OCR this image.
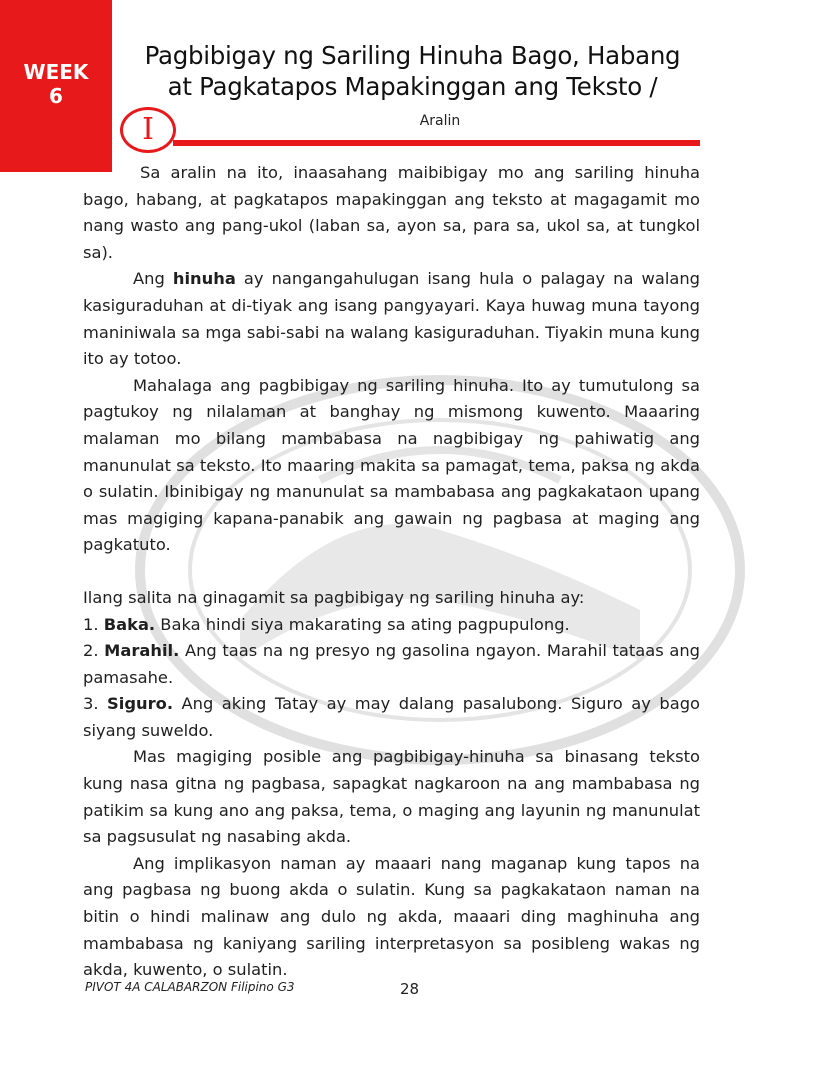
WEEK
6
Pagbibigay ng Sariling Hinuha Bago, Habang
at Pagkatapos Mapakinggan ang Teksto /
I	Aralin

Sa aralin na ito, inaasahang maibibigay mo ang sariling hinuha bago, habang, at pagkatapos mapakinggan ang teksto at magagamit mo nang wasto ang pang-ukol (laban sa, ayon sa, para sa, ukol sa, at tungkol sa).

Ang hinuha ay nangangahulugan isang hula o palagay na walang kasiguraduhan at di-tiyak ang isang pangyayari. Kaya huwag muna tayong maniniwala sa mga sabi-sabi na walang kasiguraduhan. Tiyakin muna kung ito ay totoo.

Mahalaga ang pagbibigay ng sariling hinuha. Ito ay tumutulong sa pagtukoy ng nilalaman at banghay ng mismong kuwento. Maaaring malaman mo bilang mambabasa na nagbibigay ng pahiwatig ang manunulat sa teksto. Ito maaring makita sa pamagat, tema, paksa ng akda o sulatin. Ibinibigay ng manunulat sa mambabasa ang pagkakataon upang mas magiging kapana-panabik ang gawain ng pagbasa at maging ang pagkatuto.

Ilang salita na ginagamit sa pagbibigay ng sariling hinuha ay:

1. Baka. Baka hindi siya makarating sa ating pagpupulong.

2. Marahil. Ang taas na ng presyo ng gasolina ngayon. Marahil tataas ang pamasahe.

3. Siguro. Ang aking Tatay ay may dalang pasalubong. Siguro ay bago siyang suweldo.

Mas magiging posible ang pagbibigay-hinuha sa binasang teksto kung nasa gitna ng pagbasa, sapagkat nagkaroon na ang mambabasa ng patikim sa kung ano ang paksa, tema, o maging ang layunin ng manunulat sa pagsusulat ng nasabing akda.

Ang implikasyon naman ay maaari nang maganap kung tapos na ang pagbasa ng buong akda o sulatin. Kung sa pagkakataon naman na bitin o hindi malinaw ang dulo ng akda, maaari ding maghinuha ang mambabasa ng kaniyang sariling interpretasyon sa posibleng wakas ng akda, kuwento, o sulatin.

PIVOT 4A CALABARZON Filipino G3	28
